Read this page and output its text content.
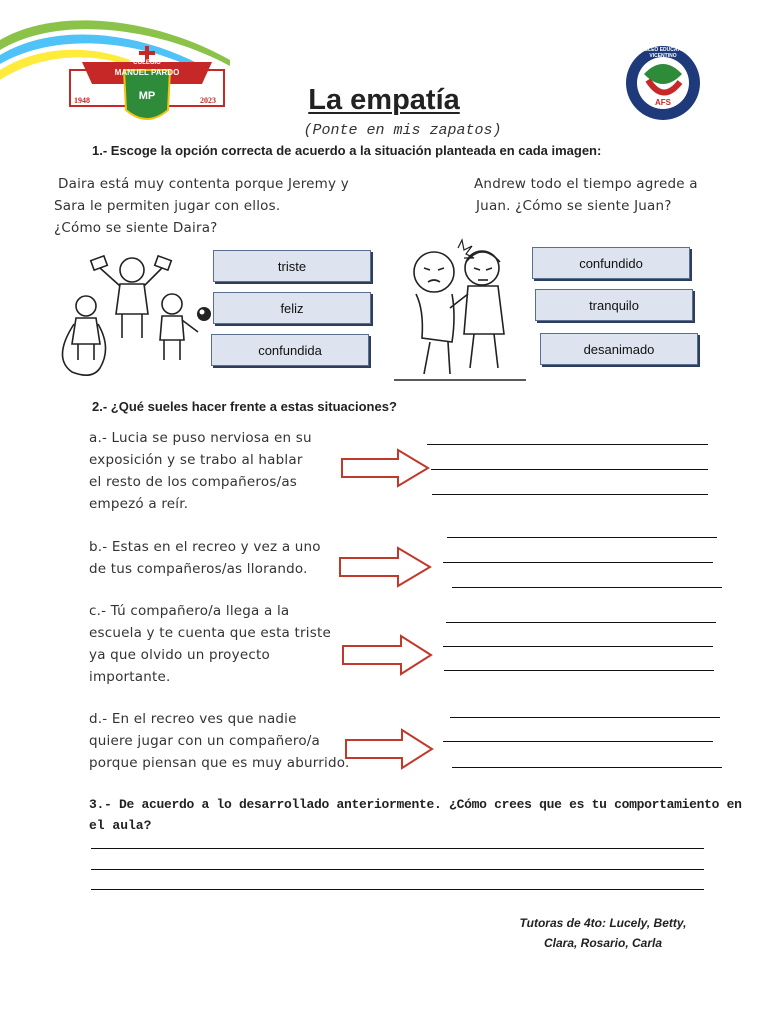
COLEGIO
MANUEL PARDO
MP
1948	2023
NÚCLEO EDUCATIVO VICENTINO
AFS
La empatía
(Ponte en mis zapatos)
1.- Escoge la opción correcta de acuerdo a la situación planteada en cada imagen:
Daira está muy contenta porque Jeremy y
Sara le permiten jugar con ellos.
¿Cómo se siente Daira?
Andrew todo el tiempo agrede a
Juan. ¿Cómo se siente Juan?
triste
feliz
confundida
confundido
tranquilo
desanimado
2.- ¿Qué sueles hacer frente a estas situaciones?
a.- Lucia se puso nerviosa en su
exposición y se trabo al hablar
el resto de los compañeros/as
empezó a reír.
b.- Estas en el recreo y vez a uno
de tus compañeros/as llorando.
c.- Tú compañero/a llega a la
escuela y te cuenta que esta triste
ya que olvido un proyecto
importante.
d.- En el recreo ves que nadie
quiere jugar con un compañero/a
porque piensan que es muy aburrido.
3.- De acuerdo a lo desarrollado anteriormente. ¿Cómo crees que es tu comportamiento en
el aula?
Tutoras de 4to: Lucely, Betty,
Clara, Rosario, Carla
